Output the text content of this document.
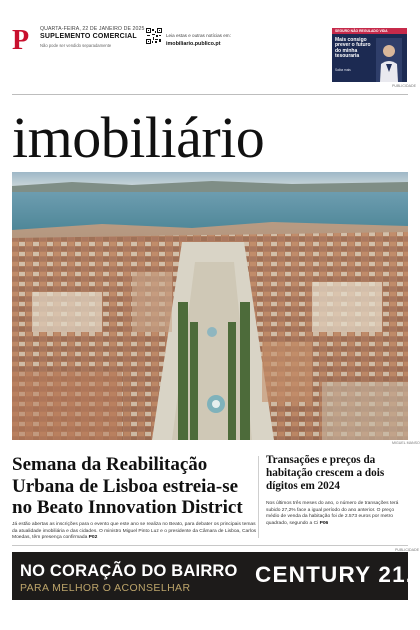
P QUARTA-FEIRA, 22 DE JANEIRO DE 2025
SUPLEMENTO COMERCIAL
Não pode ser vendido separadamente
Leia estas e outras notícias em:
imobiliario.publico.pt
SEGURO NÃO REGULADO VIDA
Mais consigo
prever o futuro
do minha
tesouraria
Saiba mais
PUBLICIDADE
imobiliário
MIGUEL MANSO
Semana da Reabilitação Urbana de Lisboa estreia-se no Beato Innovation District
Já estão abertas as inscrições para o evento que este ano se realiza no Beato, para debater os principais temas da atualidade imobiliária e das cidades. O ministro Miguel Pinto Luz e o presidente da Câmara de Lisboa, Carlos Moedas, têm presença confirmada P02
Transações e preços da habitação crescem a dois dígitos em 2024
Nos últimos três meses do ano, o número de transações terá subido 27,2% face a igual período do ano anterior. O preço médio de venda da habitação foi de 2.573 euros por metro quadrado, segundo a Ci P06
PUBLICIDADE
NO CORAÇÃO DO BAIRRO
PARA MELHOR O ACONSELHAR
CENTURY 21.
